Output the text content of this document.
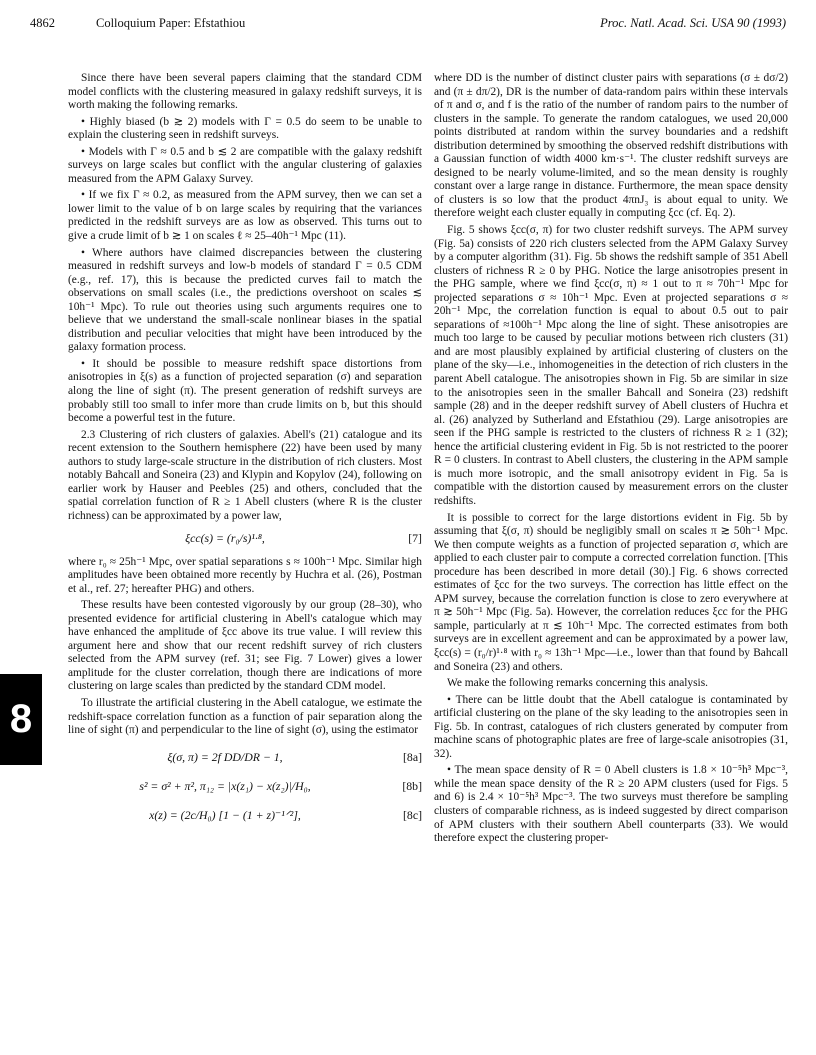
4862	Colloquium Paper: Efstathiou	Proc. Natl. Acad. Sci. USA 90 (1993)
8

Since there have been several papers claiming that the standard CDM model conflicts with the clustering measured in galaxy redshift surveys, it is worth making the following remarks.

• Highly biased (b ≳ 2) models with Γ = 0.5 do seem to be unable to explain the clustering seen in redshift surveys.

• Models with Γ ≈ 0.5 and b ≲ 2 are compatible with the galaxy redshift surveys on large scales but conflict with the angular clustering of galaxies measured from the APM Galaxy Survey.

• If we fix Γ ≈ 0.2, as measured from the APM survey, then we can set a lower limit to the value of b on large scales by requiring that the variances predicted in the redshift surveys are as low as observed. This turns out to give a crude limit of b ≳ 1 on scales ℓ ≈ 25–40h⁻¹ Mpc (11).

• Where authors have claimed discrepancies between the clustering measured in redshift surveys and low-b models of standard Γ = 0.5 CDM (e.g., ref. 17), this is because the predicted curves fail to match the observations on small scales (i.e., the predictions overshoot on scales ≲ 10h⁻¹ Mpc). To rule out theories using such arguments requires one to believe that we understand the small-scale nonlinear biases in the spatial distribution and peculiar velocities that might have been introduced by the galaxy formation process.

• It should be possible to measure redshift space distortions from anisotropies in ξ(s) as a function of projected separation (σ) and separation along the line of sight (π). The present generation of redshift surveys are probably still too small to infer more than crude limits on b, but this should become a powerful test in the future.

2.3 Clustering of rich clusters of galaxies. Abell's (21) catalogue and its recent extension to the Southern hemisphere (22) have been used by many authors to study large-scale structure in the distribution of rich clusters. Most notably Bahcall and Soneira (23) and Klypin and Kopylov (24), following on earlier work by Hauser and Peebles (25) and others, concluded that the spatial correlation function of R ≥ 1 Abell clusters (where R is the cluster richness) can be approximated by a power law,

ξcc(s) = (r₀/s)¹·⁸,	[7]

where r₀ ≈ 25h⁻¹ Mpc, over spatial separations s ≈ 100h⁻¹ Mpc. Similar high amplitudes have been obtained more recently by Huchra et al. (26), Postman et al., ref. 27; hereafter PHG) and others.

These results have been contested vigorously by our group (28–30), who presented evidence for artificial clustering in Abell's catalogue which may have enhanced the amplitude of ξcc above its true value. I will review this argument here and show that our recent redshift survey of rich clusters selected from the APM survey (ref. 31; see Fig. 7 Lower) gives a lower amplitude for the cluster correlation, though there are indications of more clustering on large scales than predicted by the standard CDM model.

To illustrate the artificial clustering in the Abell catalogue, we estimate the redshift-space correlation function as a function of pair separation along the line of sight (π) and perpendicular to the line of sight (σ), using the estimator

ξ(σ, π) = 2f DD/DR − 1,	[8a]
s² = σ² + π², π₁₂ = |x(z₁) − x(z₂)|/H₀,	[8b]
x(z) = (2c/H₀) [1 − (1 + z)⁻¹ᐟ²],	[8c]

where DD is the number of distinct cluster pairs with separations (σ ± dσ/2) and (π ± dπ/2), DR is the number of data-random pairs within these intervals of π and σ, and f is the ratio of the number of random pairs to the number of clusters in the sample. To generate the random catalogues, we used 20,000 points distributed at random within the survey boundaries and a redshift distribution determined by smoothing the observed redshift distributions with a Gaussian function of width 4000 km·s⁻¹. The cluster redshift surveys are designed to be nearly volume-limited, and so the mean density is roughly constant over a large range in distance. Furthermore, the mean space density of clusters is so low that the product 4πnJ₃ is about equal to unity. We therefore weight each cluster equally in computing ξcc (cf. Eq. 2).

Fig. 5 shows ξcc(σ, π) for two cluster redshift surveys. The APM survey (Fig. 5a) consists of 220 rich clusters selected from the APM Galaxy Survey by a computer algorithm (31). Fig. 5b shows the redshift sample of 351 Abell clusters of richness R ≥ 0 by PHG. Notice the large anisotropies present in the PHG sample, where we find ξcc(σ, π) ≈ 1 out to π ≈ 70h⁻¹ Mpc for projected separations σ ≈ 10h⁻¹ Mpc. Even at projected separations σ ≈ 20h⁻¹ Mpc, the correlation function is equal to about 0.5 out to pair separations of ≈100h⁻¹ Mpc along the line of sight. These anisotropies are much too large to be caused by peculiar motions between rich clusters (31) and are most plausibly explained by artificial clustering of clusters on the plane of the sky—i.e., inhomogeneities in the detection of rich clusters in the parent Abell catalogue. The anisotropies shown in Fig. 5b are similar in size to the anisotropies seen in the smaller Bahcall and Soneira (23) redshift sample (28) and in the deeper redshift survey of Abell clusters of Huchra et al. (26) analyzed by Sutherland and Efstathiou (29). Large anisotropies are seen if the PHG sample is restricted to the clusters of richness R ≥ 1 (32); hence the artificial clustering evident in Fig. 5b is not restricted to the poorer R = 0 clusters. In contrast to Abell clusters, the clustering in the APM sample is much more isotropic, and the small anisotropy evident in Fig. 5a is compatible with the distortion caused by measurement errors on the cluster redshifts.

It is possible to correct for the large distortions evident in Fig. 5b by assuming that ξ(σ, π) should be negligibly small on scales π ≳ 50h⁻¹ Mpc. We then compute weights as a function of projected separation σ, which are applied to each cluster pair to compute a corrected correlation function. [This procedure has been described in more detail (30).] Fig. 6 shows corrected estimates of ξcc for the two surveys. The correction has little effect on the APM survey, because the correlation function is close to zero everywhere at π ≳ 50h⁻¹ Mpc (Fig. 5a). However, the correlation reduces ξcc for the PHG sample, particularly at π ≲ 10h⁻¹ Mpc. The corrected estimates from both surveys are in excellent agreement and can be approximated by a power law, ξcc(s) = (r₀/r)¹·⁸ with r₀ ≈ 13h⁻¹ Mpc—i.e., lower than that found by Bahcall and Soneira (23) and others.

We make the following remarks concerning this analysis.

• There can be little doubt that the Abell catalogue is contaminated by artificial clustering on the plane of the sky leading to the anisotropies seen in Fig. 5b. In contrast, catalogues of rich clusters generated by computer from machine scans of photographic plates are free of large-scale anisotropies (31, 32).

• The mean space density of R = 0 Abell clusters is 1.8 × 10⁻⁵h³ Mpc⁻³, while the mean space density of the R ≥ 20 APM clusters (used for Figs. 5 and 6) is 2.4 × 10⁻⁵h³ Mpc⁻³. The two surveys must therefore be sampling clusters of comparable richness, as is indeed suggested by direct comparison of APM clusters with their southern Abell counterparts (33). We would therefore expect the clustering proper-
